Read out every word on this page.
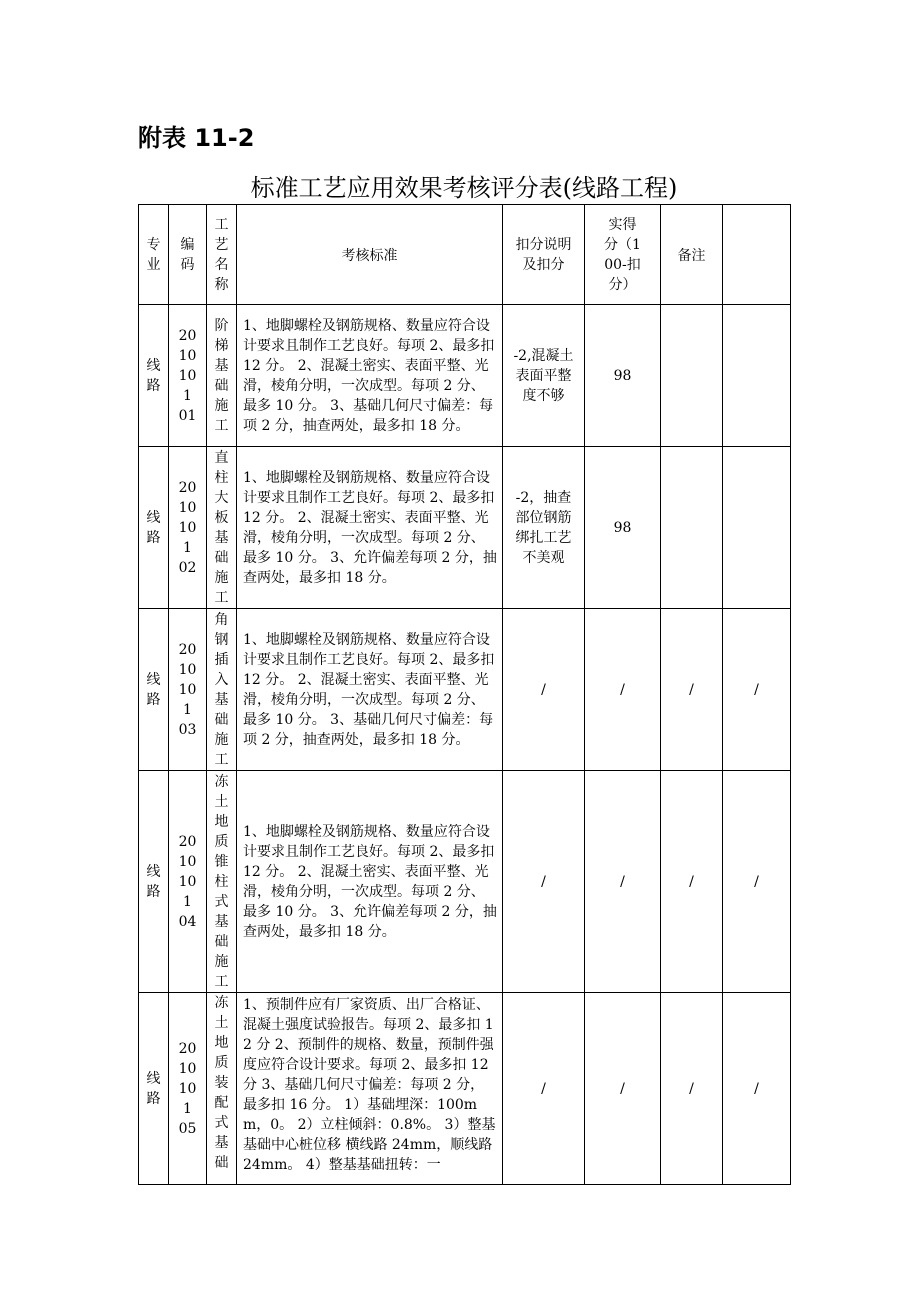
附表 11-2
标准工艺应用效果考核评分表(线路工程)
专业	编码	工艺名称	考核标准	扣分说明及扣分	实得分（100-扣分）	备注	

线路	2010101 01	阶梯基础施工	1、地脚螺栓及钢筋规格、数量应符合设计要求且制作工艺良好。每项 2、最多扣 12 分。 2、混凝土密实、表面平整、光滑，棱角分明，一次成型。每项 2 分、最多 10 分。 3、基础几何尺寸偏差：每项 2 分，抽查两处，最多扣 18 分。	-2,混凝土表面平整度不够	98		

线路	2010101 02	直柱大板基础施工	1、地脚螺栓及钢筋规格、数量应符合设计要求且制作工艺良好。每项 2、最多扣 12 分。 2、混凝土密实、表面平整、光滑，棱角分明，一次成型。每项 2 分、最多 10 分。 3、允许偏差每项 2 分，抽查两处，最多扣 18 分。	-2，抽查部位钢筋绑扎工艺不美观	98		

线路	2010101 03	角钢插入基础施工	1、地脚螺栓及钢筋规格、数量应符合设计要求且制作工艺良好。每项 2、最多扣 12 分。 2、混凝土密实、表面平整、光滑，棱角分明，一次成型。每项 2 分、最多 10 分。 3、基础几何尺寸偏差：每项 2 分，抽查两处，最多扣 18 分。	/	/	/	/

线路	2010101 04	冻土地质锥柱式基础施工	1、地脚螺栓及钢筋规格、数量应符合设计要求且制作工艺良好。每项 2、最多扣 12 分。 2、混凝土密实、表面平整、光滑，棱角分明，一次成型。每项 2 分、最多 10 分。 3、允许偏差每项 2 分，抽查两处，最多扣 18 分。	/	/	/	/

线路	2010101 05	冻土地质装配式基础	1、预制件应有厂家资质、出厂合格证、混凝土强度试验报告。每项 2、最多扣 12 分 2、预制件的规格、数量，预制件强度应符合设计要求。每项 2、最多扣 12 分 3、基础几何尺寸偏差：每项 2 分，最多扣 16 分。 1）基础埋深：100mm，0。 2）立柱倾斜：0.8%。 3）整基基础中心桩位移 横线路 24mm，顺线路 24mm。 4）整基基础扭转：一	/	/	/	/
